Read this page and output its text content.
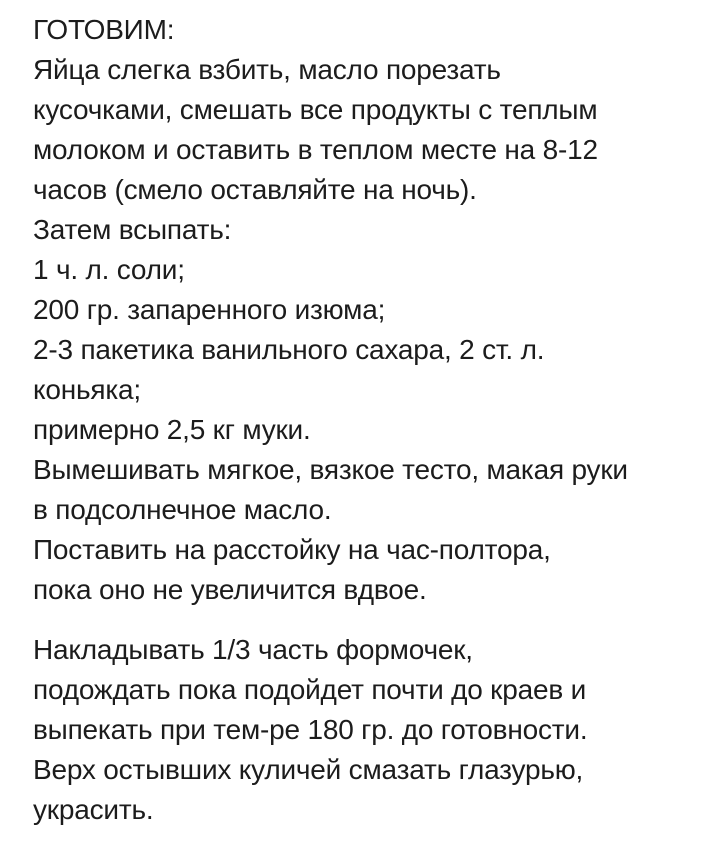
ГОТОВИМ:
Яйца слегка взбить, масло порезать
кусочками, смешать все продукты с теплым
молоком и оставить в теплом месте на 8-12
часов (смело оставляйте на ночь).
Затем всыпать:
1 ч. л. соли;
200 гр. запаренного изюма;
2-3 пакетика ванильного сахара, 2 ст. л.
коньяка;
примерно 2,5 кг муки.
Вымешивать мягкое, вязкое тесто, макая руки
в подсолнечное масло.
Поставить на расстойку на час-полтора,
пока оно не увеличится вдвое.
Накладывать 1/3 часть формочек,
подождать пока подойдет почти до краев и
выпекать при тем-ре 180 гр. до готовности.
Верх остывших куличей смазать глазурью,
украсить.
